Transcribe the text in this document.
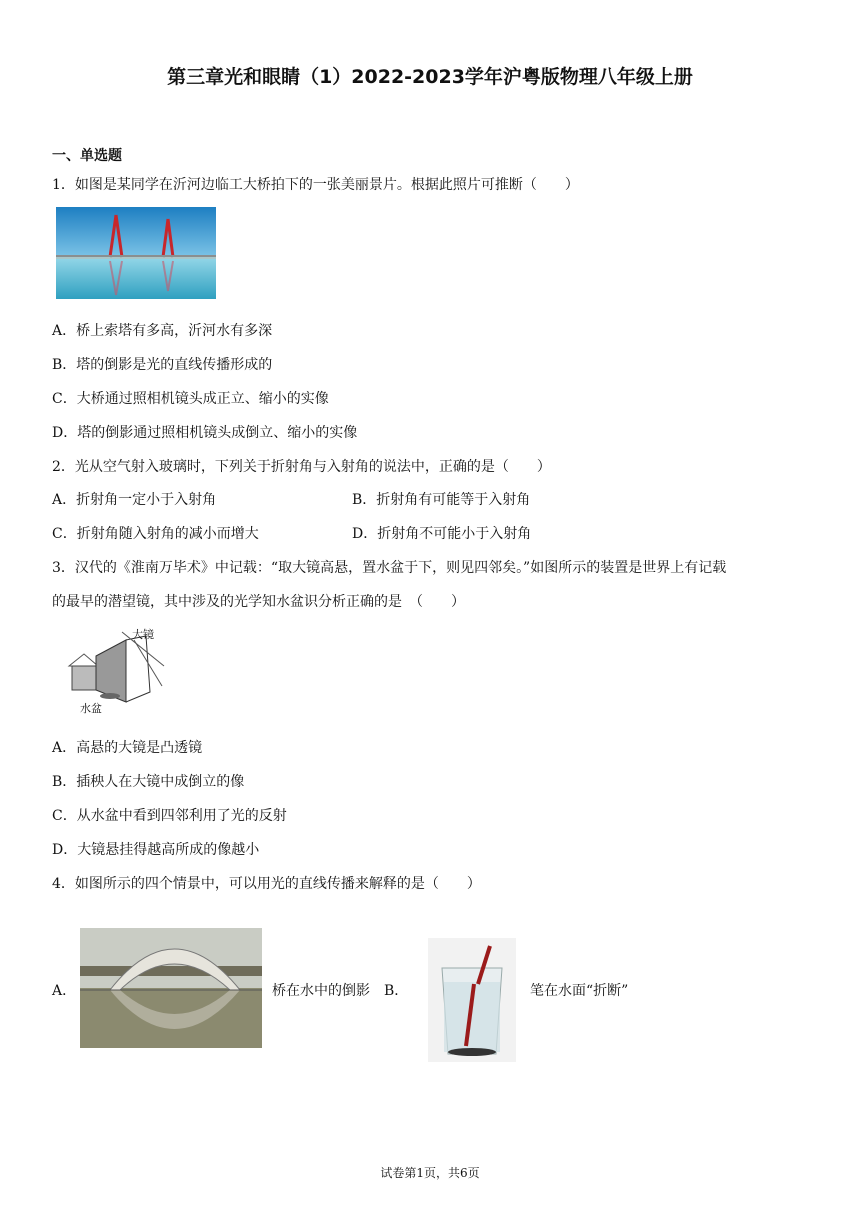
第三章光和眼睛（1）2022-2023学年沪粤版物理八年级上册
一、单选题
1．如图是某同学在沂河边临工大桥拍下的一张美丽景片。根据此照片可推断（　　）
A．桥上索塔有多高，沂河水有多深
B．塔的倒影是光的直线传播形成的
C．大桥通过照相机镜头成正立、缩小的实像
D．塔的倒影通过照相机镜头成倒立、缩小的实像
2．光从空气射入玻璃时，下列关于折射角与入射角的说法中，正确的是（　　）
A．折射角一定小于入射角	B．折射角有可能等于入射角
C．折射角随入射角的减小而增大	D．折射角不可能小于入射角
3．汉代的《淮南万毕术》中记载：“取大镜高悬，置水盆于下，则见四邻矣。”如图所示的装置是世界上有记载
的最早的潜望镜，其中涉及的光学知水盆识分析正确的是　（　　）
大镜
水盆
A．高悬的大镜是凸透镜
B．插秧人在大镜中成倒立的像
C．从水盆中看到四邻利用了光的反射
D．大镜悬挂得越高所成的像越小
4．如图所示的四个情景中，可以用光的直线传播来解释的是（　　）
A．	桥在水中的倒影 B．	笔在水面“折断”
试卷第1页，共6页
